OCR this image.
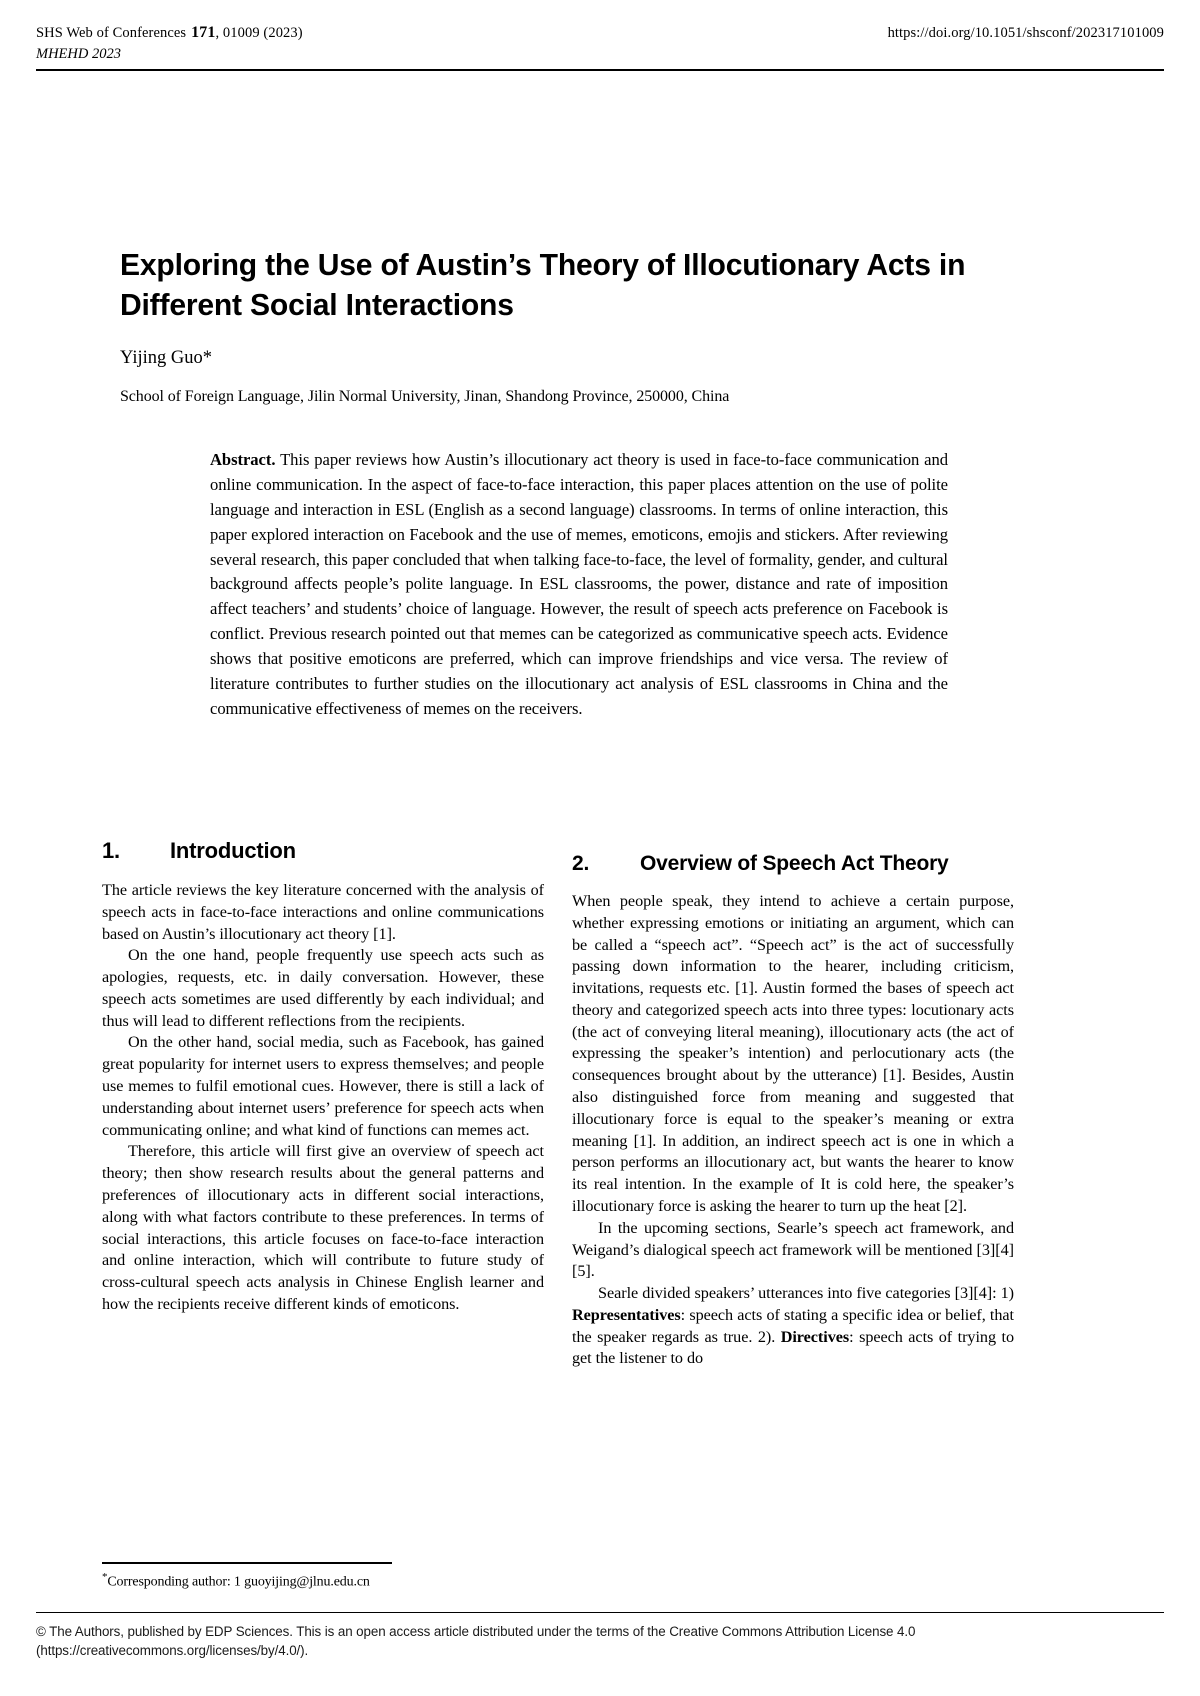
SHS Web of Conferences 171, 01009 (2023)	https://doi.org/10.1051/shsconf/202317101009
MHEHD 2023
Exploring the Use of Austin’s Theory of Illocutionary Acts in Different Social Interactions
Yijing Guo*
School of Foreign Language, Jilin Normal University, Jinan, Shandong Province, 250000, China
Abstract. This paper reviews how Austin’s illocutionary act theory is used in face-to-face communication and online communication. In the aspect of face-to-face interaction, this paper places attention on the use of polite language and interaction in ESL (English as a second language) classrooms. In terms of online interaction, this paper explored interaction on Facebook and the use of memes, emoticons, emojis and stickers. After reviewing several research, this paper concluded that when talking face-to-face, the level of formality, gender, and cultural background affects people’s polite language. In ESL classrooms, the power, distance and rate of imposition affect teachers’ and students’ choice of language. However, the result of speech acts preference on Facebook is conflict. Previous research pointed out that memes can be categorized as communicative speech acts. Evidence shows that positive emoticons are preferred, which can improve friendships and vice versa. The review of literature contributes to further studies on the illocutionary act analysis of ESL classrooms in China and the communicative effectiveness of memes on the receivers.
1.	Introduction

The article reviews the key literature concerned with the analysis of speech acts in face-to-face interactions and online communications based on Austin’s illocutionary act theory [1].

On the one hand, people frequently use speech acts such as apologies, requests, etc. in daily conversation. However, these speech acts sometimes are used differently by each individual; and thus will lead to different reflections from the recipients.

On the other hand, social media, such as Facebook, has gained great popularity for internet users to express themselves; and people use memes to fulfil emotional cues. However, there is still a lack of understanding about internet users’ preference for speech acts when communicating online; and what kind of functions can memes act.

Therefore, this article will first give an overview of speech act theory; then show research results about the general patterns and preferences of illocutionary acts in different social interactions, along with what factors contribute to these preferences. In terms of social interactions, this article focuses on face-to-face interaction and online interaction, which will contribute to future study of cross-cultural speech acts analysis in Chinese English learner and how the recipients receive different kinds of emoticons.

2.	Overview of Speech Act Theory

When people speak, they intend to achieve a certain purpose, whether expressing emotions or initiating an argument, which can be called a “speech act”. “Speech act” is the act of successfully passing down information to the hearer, including criticism, invitations, requests etc. [1]. Austin formed the bases of speech act theory and categorized speech acts into three types: locutionary acts (the act of conveying literal meaning), illocutionary acts (the act of expressing the speaker’s intention) and perlocutionary acts (the consequences brought about by the utterance) [1]. Besides, Austin also distinguished force from meaning and suggested that illocutionary force is equal to the speaker’s meaning or extra meaning [1]. In addition, an indirect speech act is one in which a person performs an illocutionary act, but wants the hearer to know its real intention. In the example of It is cold here, the speaker’s illocutionary force is asking the hearer to turn up the heat [2].

In the upcoming sections, Searle’s speech act framework, and Weigand’s dialogical speech act framework will be mentioned [3][4][5].

Searle divided speakers’ utterances into five categories [3][4]: 1) Representatives: speech acts of stating a specific idea or belief, that the speaker regards as true. 2). Directives: speech acts of trying to get the listener to do

*Corresponding author: 1 guoyijing@jlnu.edu.cn
© The Authors, published by EDP Sciences. This is an open access article distributed under the terms of the Creative Commons Attribution License 4.0 (https://creativecommons.org/licenses/by/4.0/).
